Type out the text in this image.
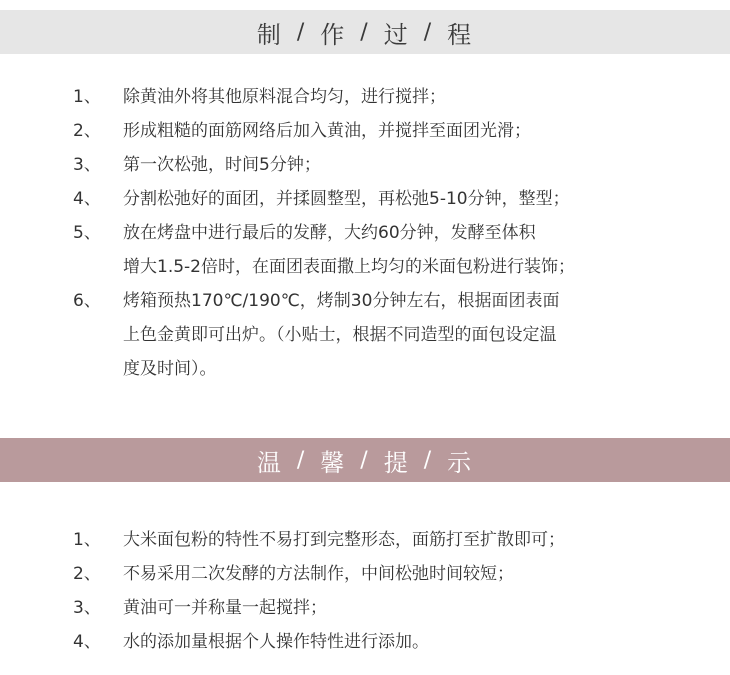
制 / 作 / 过 / 程
1、 除黄油外将其他原料混合均匀，进行搅拌；
2、 形成粗糙的面筋网络后加入黄油，并搅拌至面团光滑；
3、 第一次松弛，时间5分钟；
4、 分割松弛好的面团，并揉圆整型，再松弛5-10分钟，整型；
5、 放在烤盘中进行最后的发酵，大约60分钟，发酵至体积
增大1.5-2倍时，在面团表面撒上均匀的米面包粉进行装饰；
6、 烤箱预热170℃/190℃，烤制30分钟左右，根据面团表面
上色金黄即可出炉。（小贴士，根据不同造型的面包设定温
度及时间）。
温 / 馨 / 提 / 示
1、 大米面包粉的特性不易打到完整形态，面筋打至扩散即可；
2、 不易采用二次发酵的方法制作，中间松弛时间较短；
3、 黄油可一并称量一起搅拌；
4、 水的添加量根据个人操作特性进行添加。
